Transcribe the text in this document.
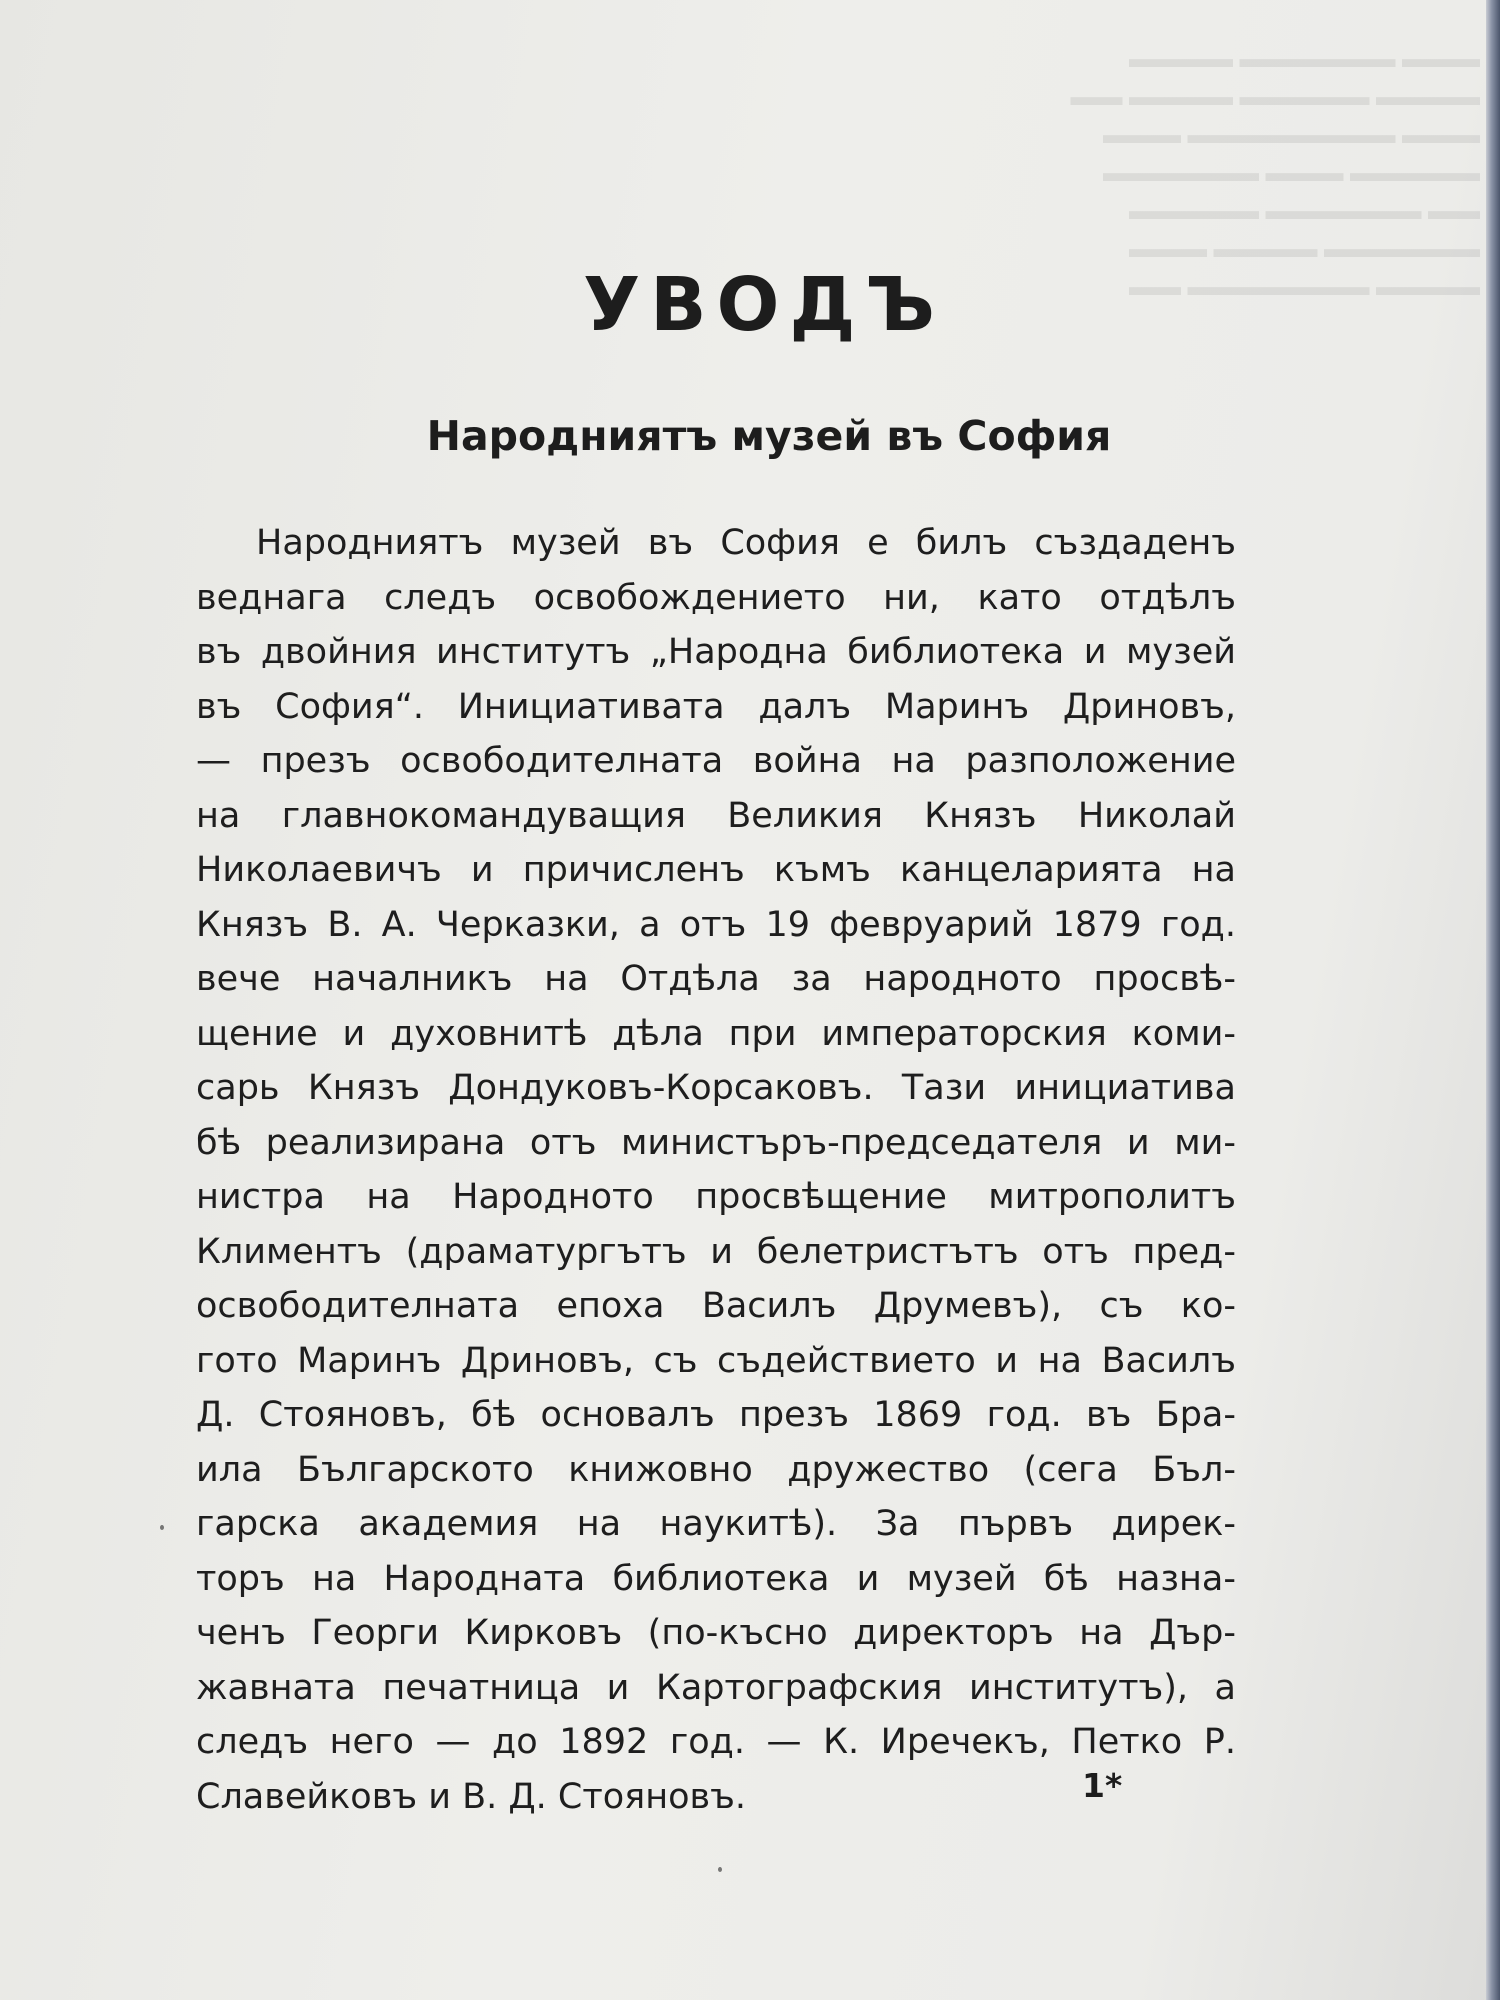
▬▬▬ ▬▬▬▬▬▬ ▬▬▬▬
▬▬▬▬ ▬▬▬▬▬ ▬▬▬▬ ▬▬
▬▬▬ ▬▬▬▬▬▬▬▬ ▬▬▬
▬▬▬▬▬ ▬▬▬ ▬▬▬▬▬▬
▬▬ ▬▬▬▬▬▬ ▬▬▬▬▬
▬▬▬▬▬▬ ▬▬▬▬ ▬▬▬
▬▬▬▬ ▬▬▬▬▬▬▬ ▬▬
УВОДЪ
Народниятъ музей въ София
Народниятъ музей въ София е билъ създаденъ
веднага следъ освобождението ни, като отдѣлъ
въ двойния институтъ „Народна библиотека и музей
въ София“. Инициативата далъ Маринъ Дриновъ,
— презъ освободителната война на разположение
на главнокомандуващия Великия Князъ Николай
Николаевичъ и причисленъ къмъ канцеларията на
Князъ В. А. Черказки, а отъ 19 февруарий 1879 год.
вече началникъ на Отдѣла за народното просвѣ-
щение и духовнитѣ дѣла при императорския коми-
сарь Князъ Дондуковъ-Корсаковъ. Тази инициатива
бѣ реализирана отъ министъръ-председателя и ми-
нистра на Народното просвѣщение митрополитъ
Климентъ (драматургътъ и белетристътъ отъ пред-
освободителната епоха Василъ Друмевъ), съ ко-
гото Маринъ Дриновъ, съ съдействието и на Василъ
Д. Стояновъ, бѣ основалъ презъ 1869 год. въ Бра-
ила Българското книжовно дружество (сега Бъл-
гарска академия на наукитѣ). За първъ дирек-
торъ на Народната библиотека и музей бѣ назна-
ченъ Георги Кирковъ (по-късно директоръ на Дър-
жавната печатница и Картографския институтъ), а
следъ него — до 1892 год. — К. Иречекъ, Петко Р.
Славейковъ и В. Д. Стояновъ.	1*
